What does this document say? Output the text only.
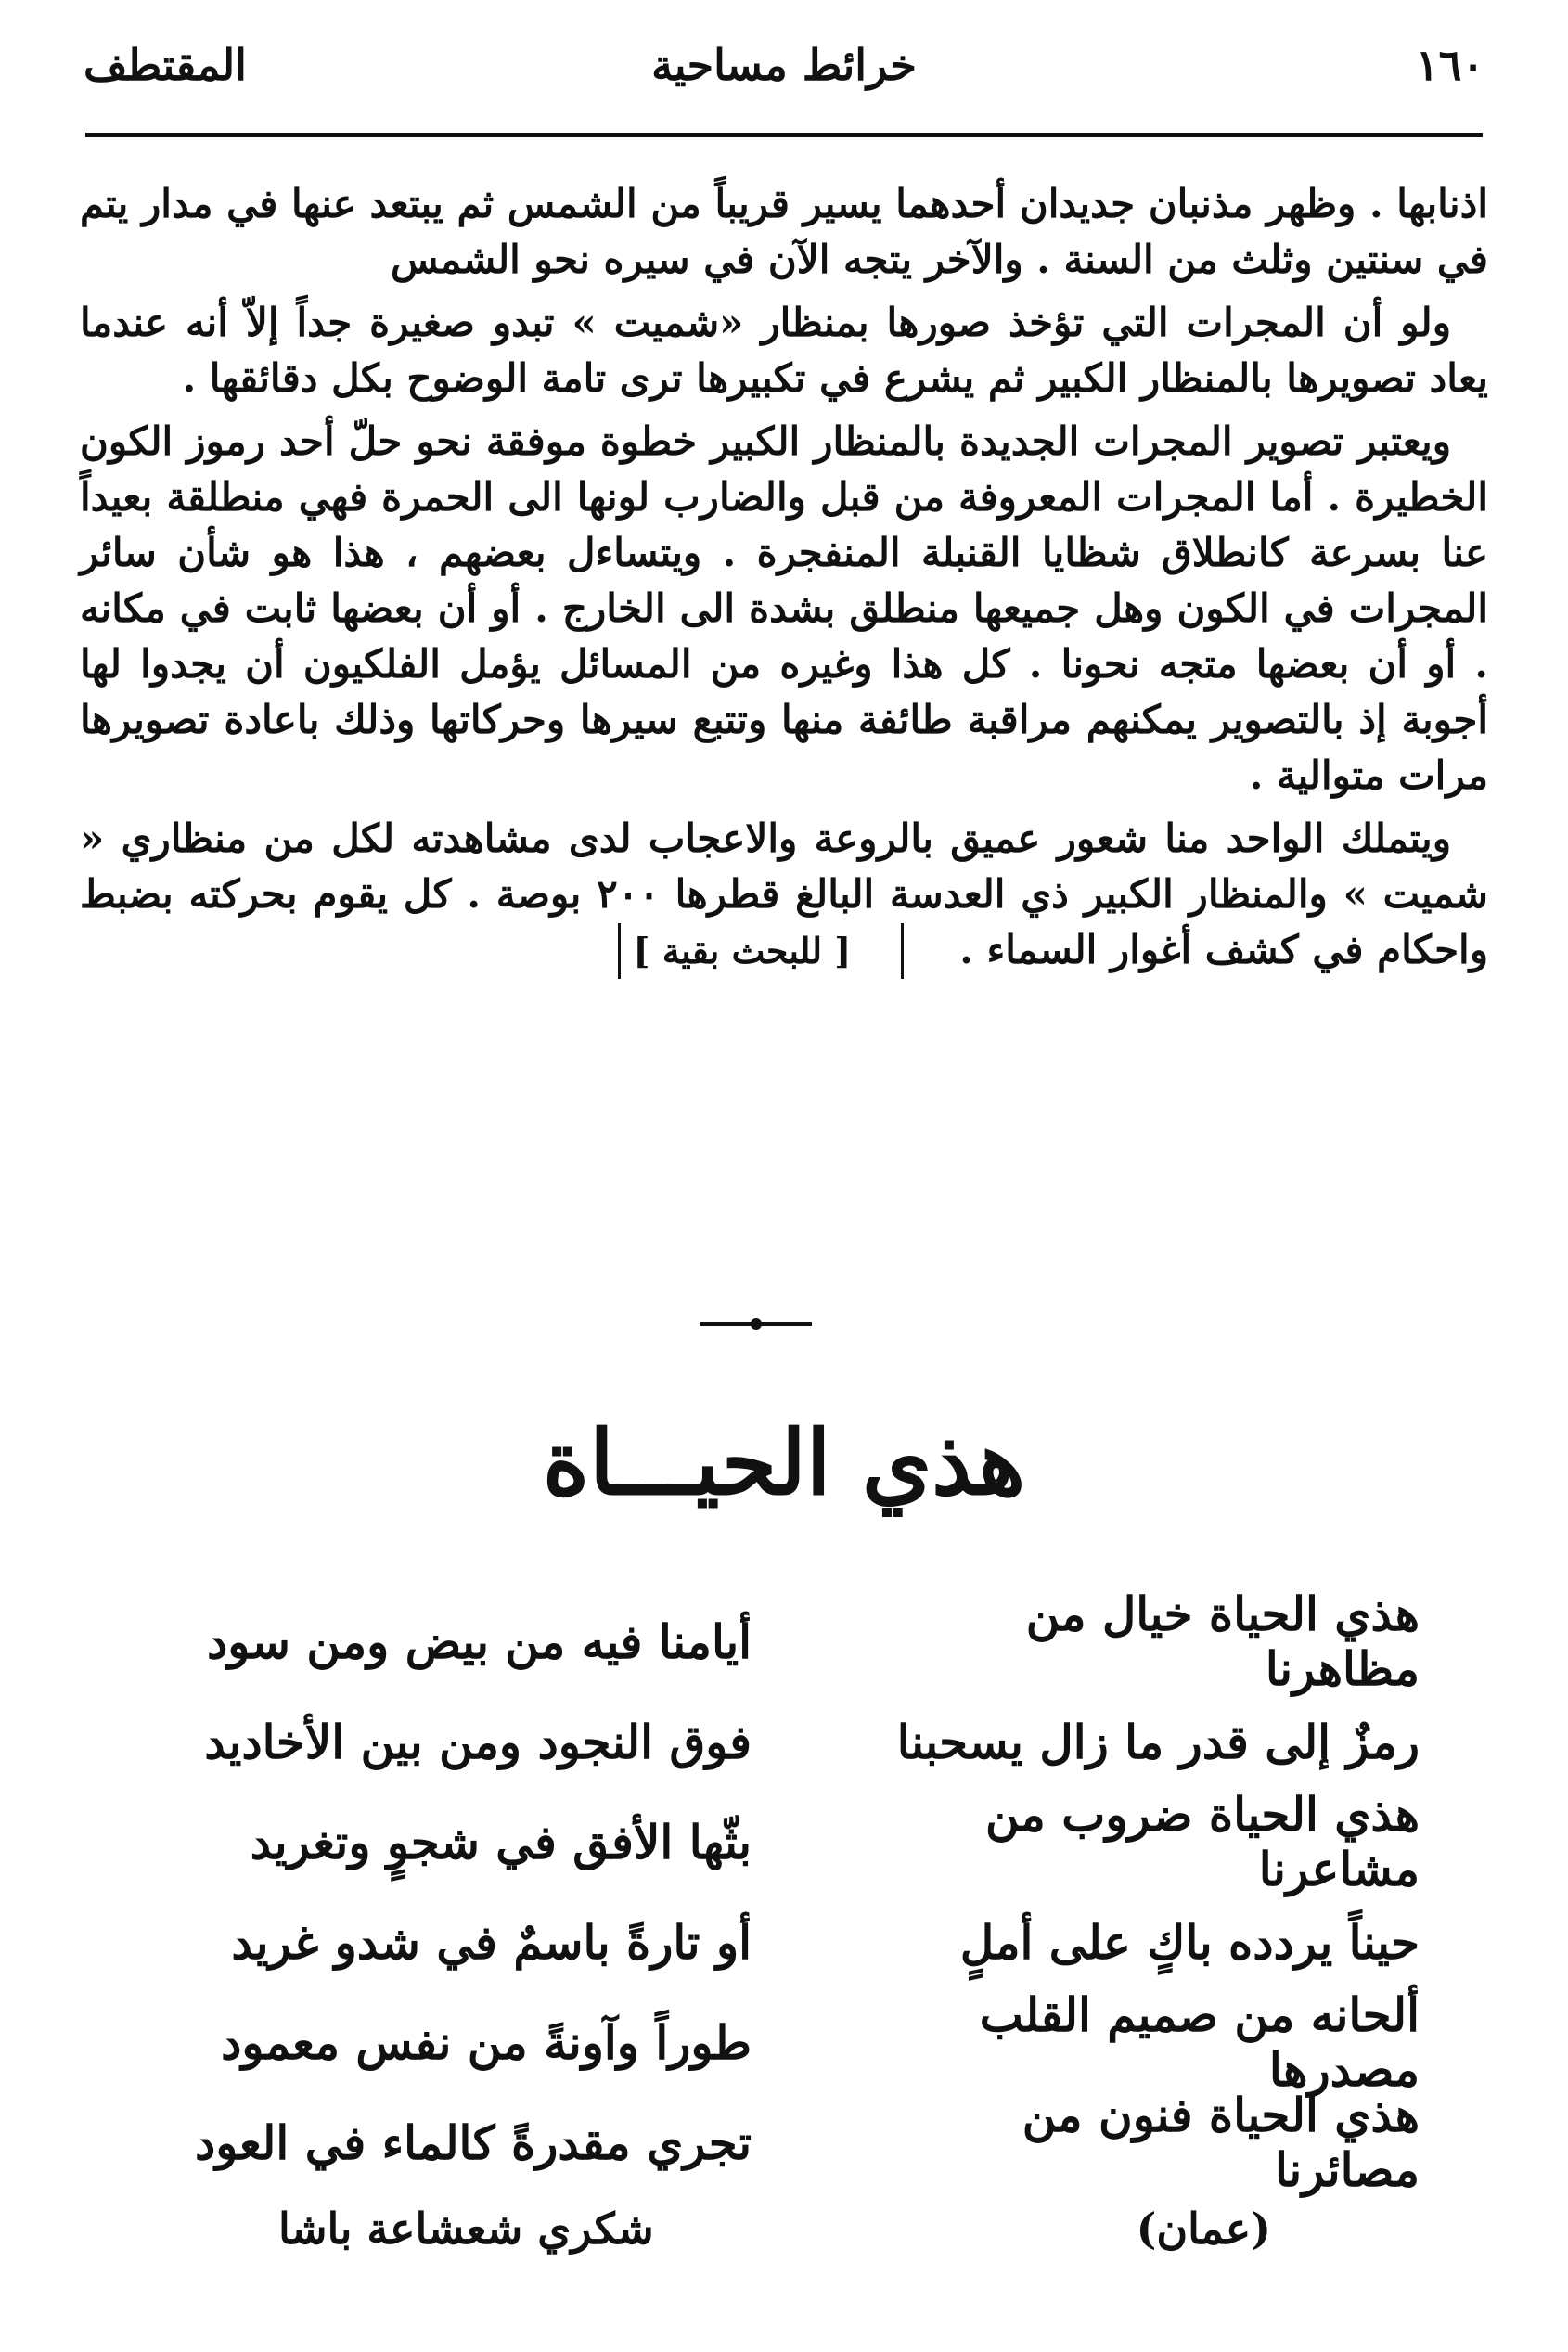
١٦٠
خرائط مساحية
المقتطف

اذنابها . وظهر مذنبان جديدان أحدهما يسير قريباً من الشمس ثم يبتعد عنها في مدار يتم في سنتين وثلث من السنة . والآخر يتجه الآن في سيره نحو الشمس

ولو أن المجرات التي تؤخذ صورها بمنظار «شميت » تبدو صغيرة جداً إلاّ أنه عندما يعاد تصويرها بالمنظار الكبير ثم يشرع في تكبيرها ترى تامة الوضوح بكل دقائقها .

ويعتبر تصوير المجرات الجديدة بالمنظار الكبير خطوة موفقة نحو حلّ أحد رموز الكون الخطيرة . أما المجرات المعروفة من قبل والضارب لونها الى الحمرة فهي منطلقة بعيداً عنا بسرعة كانطلاق شظايا القنبلة المنفجرة . ويتساءل بعضهم ، هذا هو شأن سائر المجرات في الكون وهل جميعها منطلق بشدة الى الخارج . أو أن بعضها ثابت في مكانه . أو أن بعضها متجه نحونا . كل هذا وغيره من المسائل يؤمل الفلكيون أن يجدوا لها أجوبة إذ بالتصوير يمكنهم مراقبة طائفة منها وتتبع سيرها وحركاتها وذلك باعادة تصويرها مرات متوالية .

ويتملك الواحد منا شعور عميق بالروعة والاعجاب لدى مشاهدته لكل من منظاري « شميت » والمنظار الكبير ذي العدسة البالغ قطرها ٢٠٠ بوصة . كل يقوم بحركته بضبط واحكام في كشف أغوار السماء .[ للبحث بقية ]

هذي الحيـــاة
هذي الحياة خيال من مظاهرنا
أيامنا فيه من بيض ومن سود
رمزٌ إلى قدر ما زال يسحبنا
فوق النجود ومن بين الأخاديد
هذي الحياة ضروب من مشاعرنا
بثّها الأفق في شجوٍ وتغريد
حيناً يردده باكٍ على أملٍ
أو تارةً باسمٌ في شدو غريد
ألحانه من صميم القلب مصدرها
طوراً وآونةً من نفس معمود
هذي الحياة فنون من مصائرنا
تجري مقدرةً كالماء في العود
(عمان)
شكري شعشاعة باشا
